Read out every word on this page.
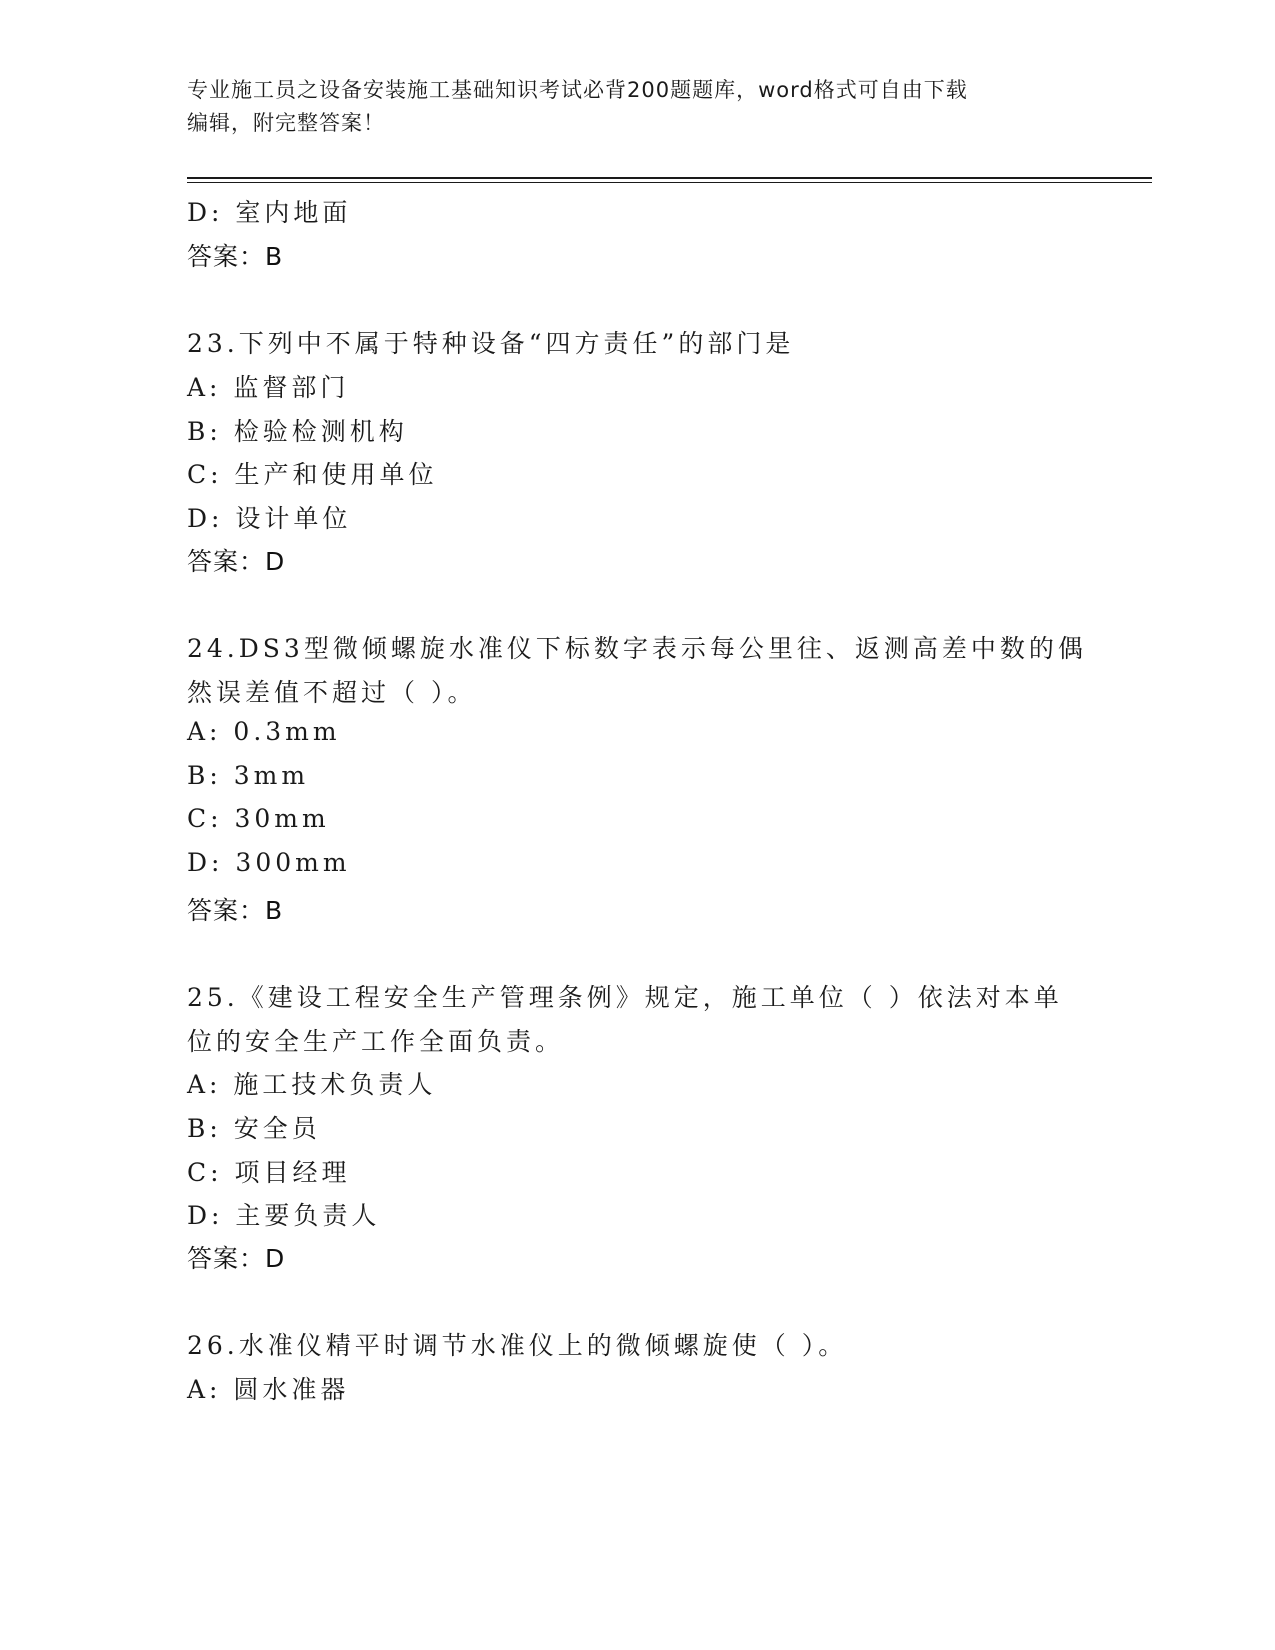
专业施工员之设备安装施工基础知识考试必背200题题库，word格式可自由下载
编辑，附完整答案！
D: 室内地面
答案：B
23.下列中不属于特种设备“四方责任”的部门是
A: 监督部门
B: 检验检测机构
C: 生产和使用单位
D: 设计单位
答案：D
24.DS3型微倾螺旋水准仪下标数字表示每公里往、返测高差中数的偶
然误差值不超过（ ）。
A: 0.3mm
B: 3mm
C: 30mm
D: 300mm
答案：B
25.《建设工程安全生产管理条例》规定，施工单位（ ）依法对本单
位的安全生产工作全面负责。
A: 施工技术负责人
B: 安全员
C: 项目经理
D: 主要负责人
答案：D
26.水准仪精平时调节水准仪上的微倾螺旋使（ ）。
A: 圆水准器
